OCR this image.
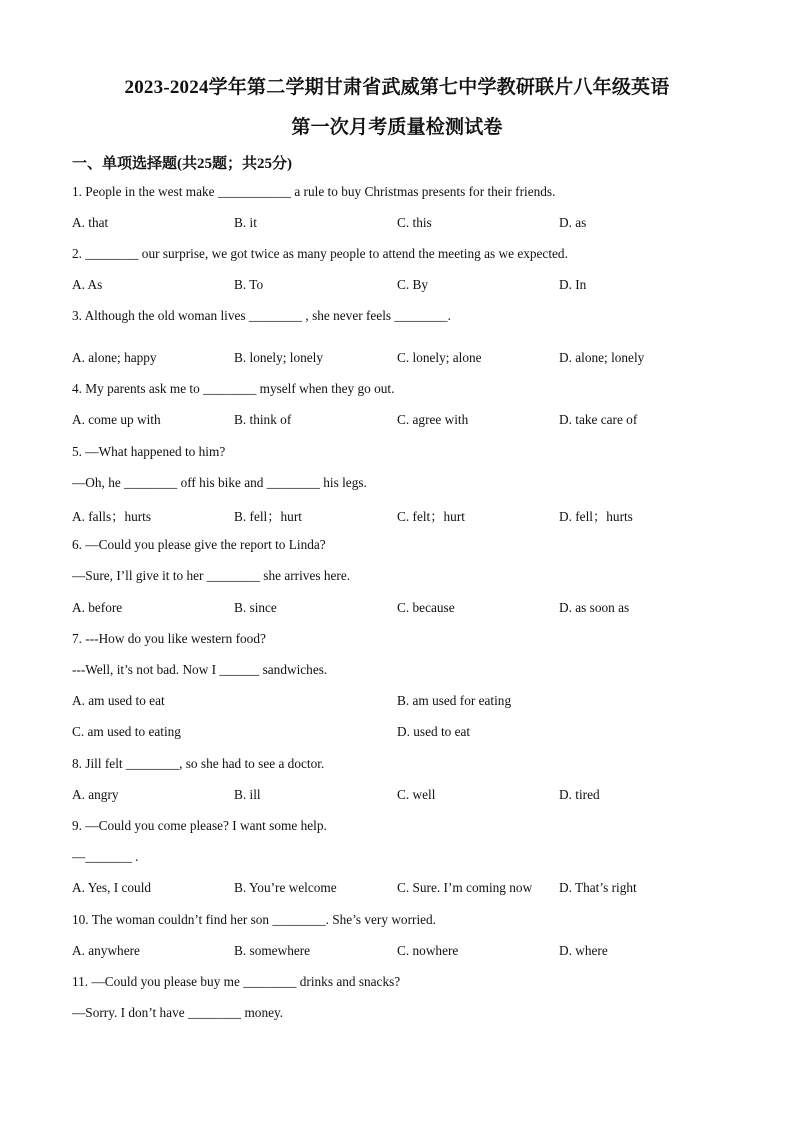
2023-2024学年第二学期甘肃省武威第七中学教研联片八年级英语
第一次月考质量检测试卷
一、单项选择题(共25题；共25分)
1. People in the west make ___________ a rule to buy Christmas presents for their friends.
A. that	B. it	C. this	D. as
2. ________ our surprise, we got twice as many people to attend the meeting as we expected.
A. As	B. To	C. By	D. In
3. Although the old woman lives ________ , she never feels ________.
A. alone; happy	B. lonely; lonely	C. lonely; alone	D. alone; lonely
4. My parents ask me to ________ myself when they go out.
A. come up with	B. think of	C. agree with	D. take care of
5. —What happened to him?
—Oh, he ________ off his bike and ________ his legs.
A. falls；hurts	B. fell；hurt	C. felt；hurt	D. fell；hurts
6. —Could you please give the report to Linda?
—Sure, I’ll give it to her ________ she arrives here.
A. before	B. since	C. because	D. as soon as
7. ---How do you like western food?
---Well, it’s not bad. Now I ______ sandwiches.
A. am used to eat	B. am used for eating
C. am used to eating	D. used to eat
8. Jill felt ________, so she had to see a doctor.
A. angry	B. ill	C. well	D. tired
9. —Could you come please? I want some help.
—_______ .
A. Yes, I could	B. You’re welcome	C. Sure. I’m coming now D. That’s right
10. The woman couldn’t find her son ________. She’s very worried.
A. anywhere	B. somewhere	C. nowhere	D. where
11. —Could you please buy me ________ drinks and snacks?
—Sorry. I don’t have ________ money.
